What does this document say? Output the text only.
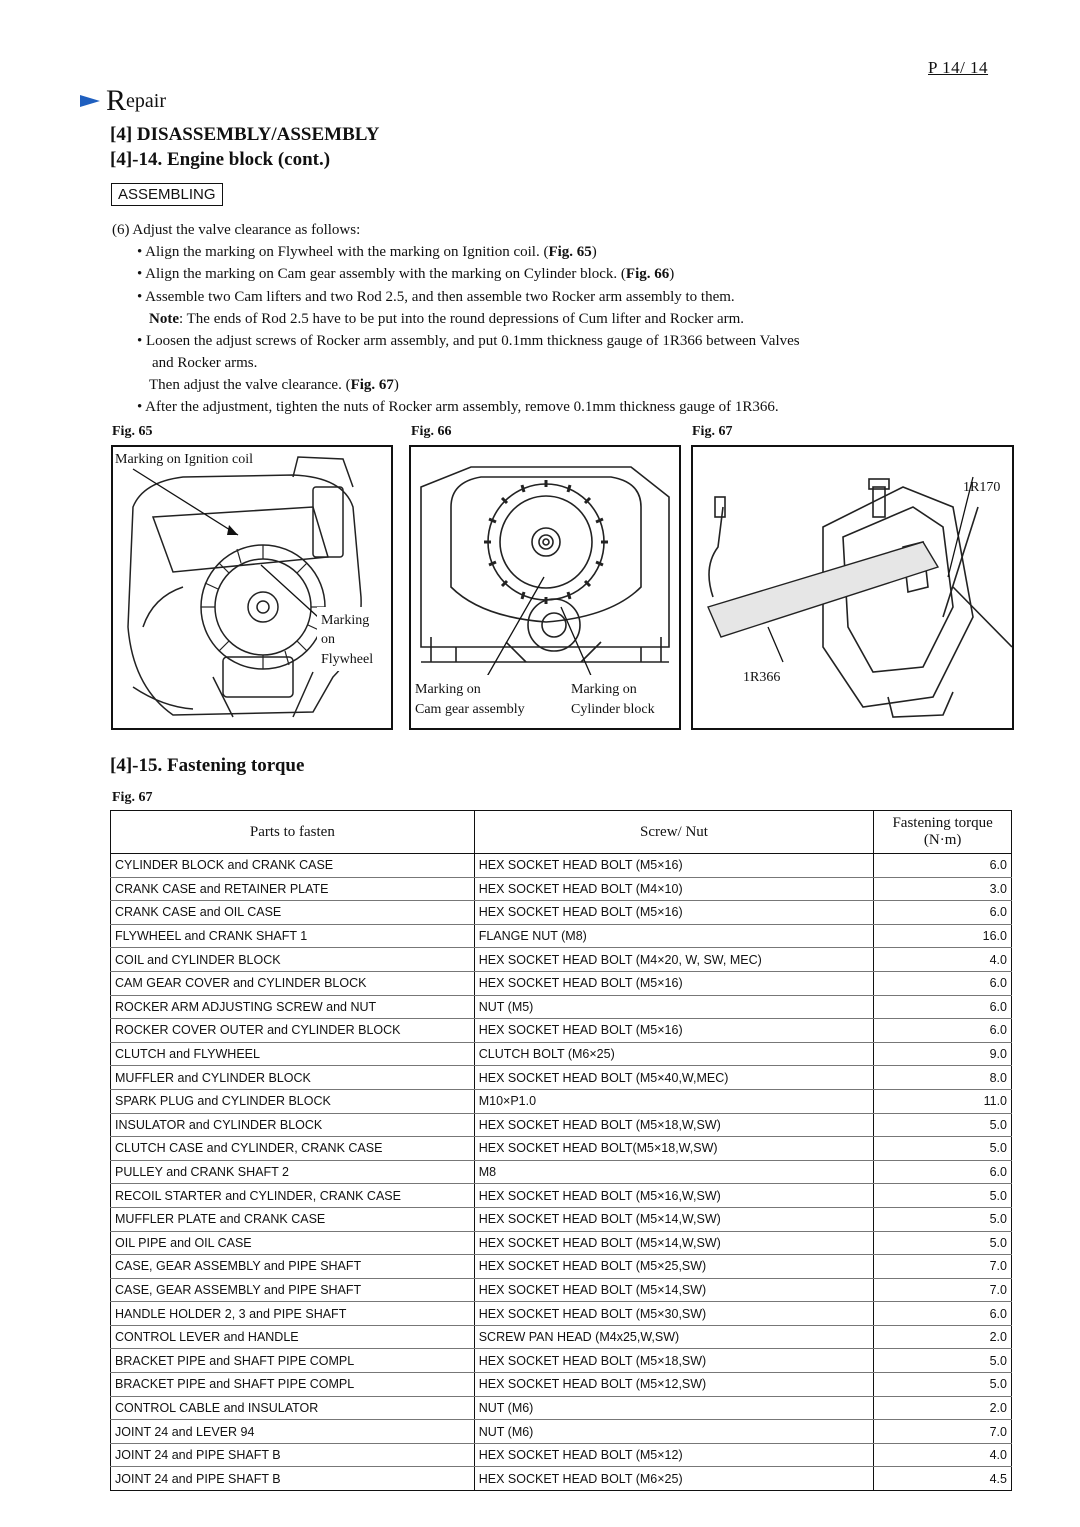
P 14/ 14
R epair
[4] DISASSEMBLY/ASSEMBLY
[4]-14. Engine block (cont.)
ASSEMBLING
(6) Adjust the valve clearance as follows:
• Align the marking on Flywheel with the marking on Ignition coil. (Fig. 65)
• Align the marking on Cam gear assembly with the marking on Cylinder block. (Fig. 66)
• Assemble two Cam lifters and two Rod 2.5, and then assemble two Rocker arm assembly to them.
Note: The ends of Rod 2.5 have to be put into the round depressions of Cum lifter and Rocker arm.
• Loosen the adjust screws of Rocker arm assembly, and put 0.1mm thickness gauge of 1R366 between Valves
and Rocker arms.
Then adjust the valve clearance. (Fig. 67)
• After the adjustment, tighten the nuts of Rocker arm assembly, remove 0.1mm thickness gauge of 1R366.
Fig. 65	Fig. 66	Fig. 67
Marking on Ignition coil
Marking
on
Flywheel
Marking on
Cam gear assembly
Marking on
Cylinder block
1R170
1R366
[4]-15. Fastening torque
Fig. 67
Parts to fasten	Screw/ Nut	Fastening torque
(N·m)
CYLINDER BLOCK and CRANK CASE	HEX SOCKET HEAD BOLT (M5×16)	6.0
CRANK CASE and RETAINER PLATE	HEX SOCKET HEAD BOLT (M4×10)	3.0
CRANK CASE and OIL CASE	HEX SOCKET HEAD BOLT (M5×16)	6.0
FLYWHEEL and CRANK SHAFT 1	FLANGE NUT (M8)	16.0
COIL and CYLINDER BLOCK	HEX SOCKET HEAD BOLT (M4×20, W, SW, MEC)	4.0
CAM GEAR COVER and CYLINDER BLOCK	HEX SOCKET HEAD BOLT (M5×16)	6.0
ROCKER ARM ADJUSTING SCREW and NUT	NUT (M5)	6.0
ROCKER COVER OUTER and CYLINDER BLOCK	HEX SOCKET HEAD BOLT (M5×16)	6.0
CLUTCH and FLYWHEEL	CLUTCH BOLT (M6×25)	9.0
MUFFLER and CYLINDER BLOCK	HEX SOCKET HEAD BOLT (M5×40,W,MEC)	8.0
SPARK PLUG and CYLINDER BLOCK	M10×P1.0	11.0
INSULATOR and CYLINDER BLOCK	HEX SOCKET HEAD BOLT (M5×18,W,SW)	5.0
CLUTCH CASE and CYLINDER, CRANK CASE	HEX SOCKET HEAD BOLT(M5×18,W,SW)	5.0
PULLEY and CRANK SHAFT 2	M8	6.0
RECOIL STARTER and CYLINDER, CRANK CASE	HEX SOCKET HEAD BOLT (M5×16,W,SW)	5.0
MUFFLER PLATE and CRANK CASE	HEX SOCKET HEAD BOLT (M5×14,W,SW)	5.0
OIL PIPE and OIL CASE	HEX SOCKET HEAD BOLT (M5×14,W,SW)	5.0
CASE, GEAR ASSEMBLY and PIPE SHAFT	HEX SOCKET HEAD BOLT (M5×25,SW)	7.0
CASE, GEAR ASSEMBLY and PIPE SHAFT	HEX SOCKET HEAD BOLT (M5×14,SW)	7.0
HANDLE HOLDER 2, 3 and PIPE SHAFT	HEX SOCKET HEAD BOLT (M5×30,SW)	6.0
CONTROL LEVER and HANDLE	SCREW PAN HEAD (M4x25,W,SW)	2.0
BRACKET PIPE and SHAFT PIPE COMPL	HEX SOCKET HEAD BOLT (M5×18,SW)	5.0
BRACKET PIPE and SHAFT PIPE COMPL	HEX SOCKET HEAD BOLT (M5×12,SW)	5.0
CONTROL CABLE and INSULATOR	NUT (M6)	2.0
JOINT 24 and LEVER 94	NUT (M6)	7.0
JOINT 24 and PIPE SHAFT B	HEX SOCKET HEAD BOLT (M5×12)	4.0
JOINT 24 and PIPE SHAFT B	HEX SOCKET HEAD BOLT (M6×25)	4.5
